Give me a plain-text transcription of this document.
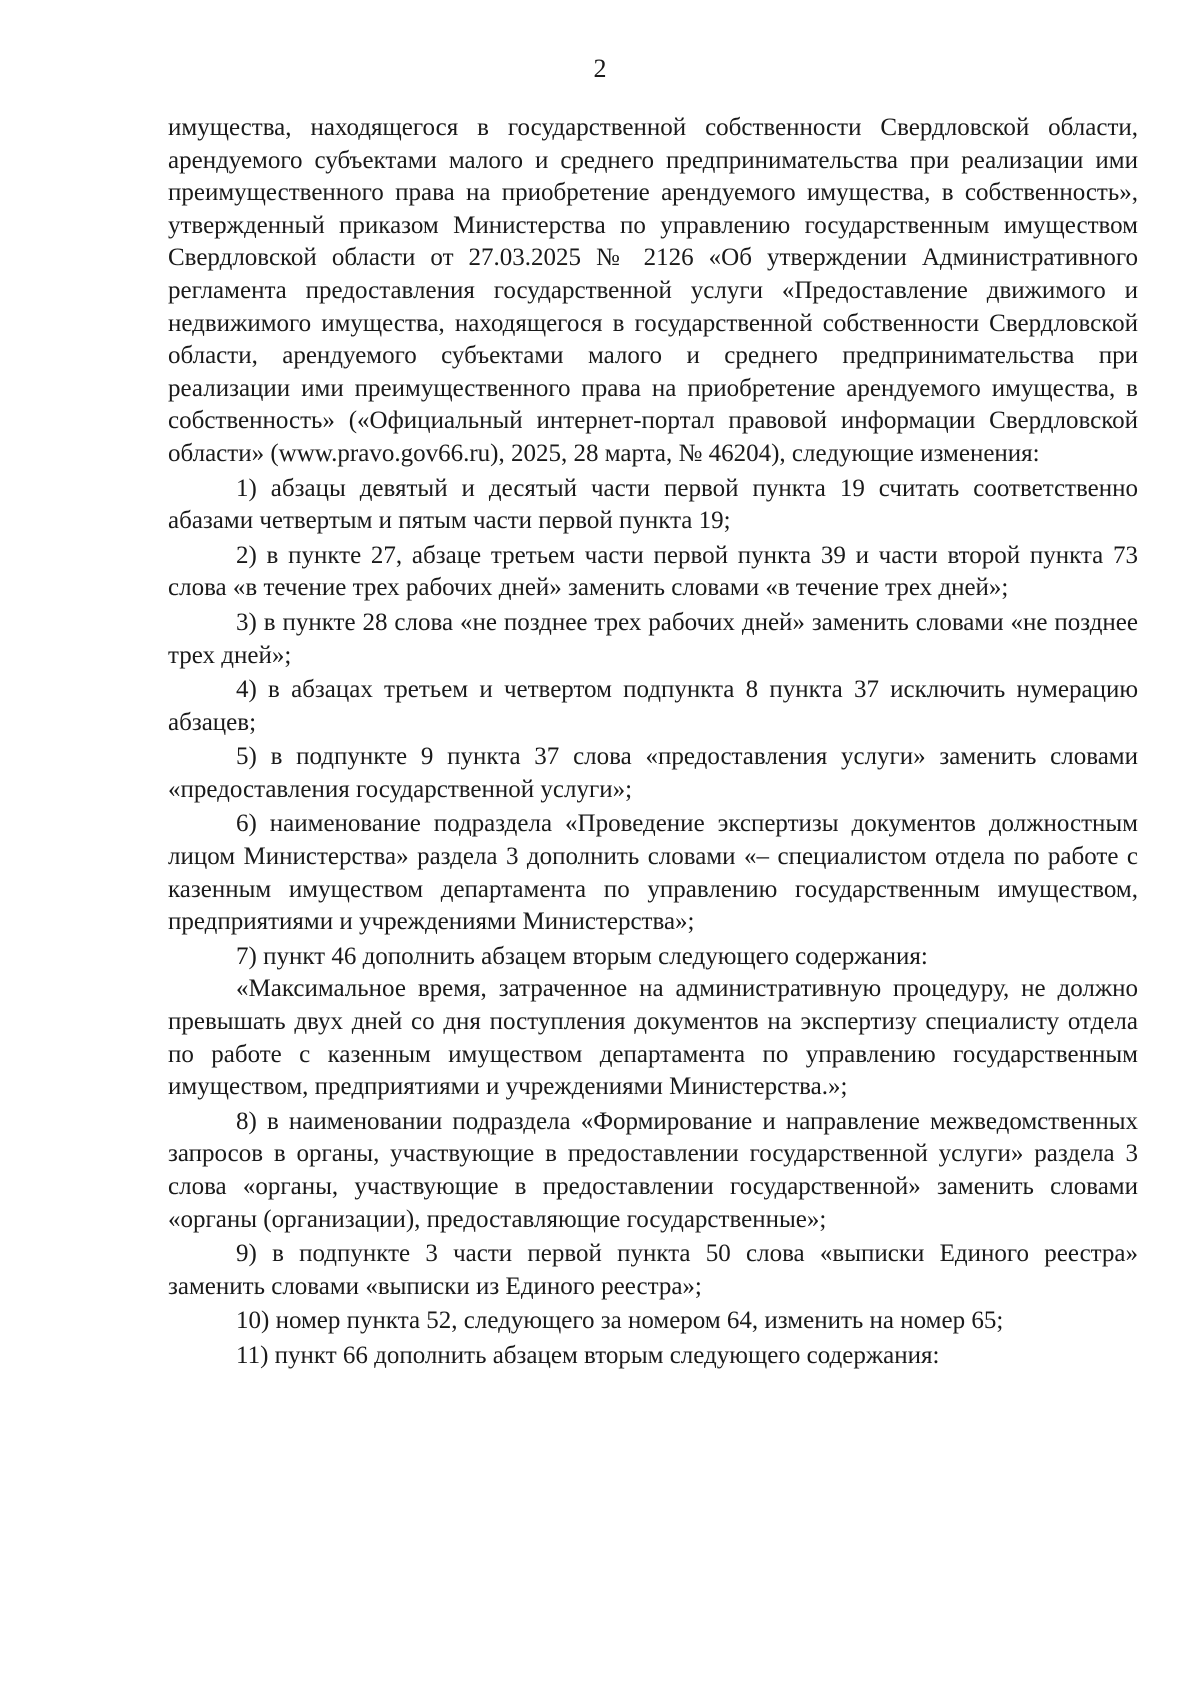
2

имущества, находящегося в государственной собственности Свердловской области, арендуемого субъектами малого и среднего предпринимательства при реализации ими преимущественного права на приобретение арендуемого имущества, в собственность», утвержденный приказом Министерства по управлению государственным имуществом Свердловской области от 27.03.2025 № 2126 «Об утверждении Административного регламента предоставления государственной услуги «Предоставление движимого и недвижимого имущества, находящегося в государственной собственности Свердловской области, арендуемого субъектами малого и среднего предпринимательства при реализации ими преимущественного права на приобретение арендуемого имущества, в собственность» («Официальный интернет-портал правовой информации Свердловской области» (www.pravo.gov66.ru), 2025, 28 марта, № 46204), следующие изменения:

1) абзацы девятый и десятый части первой пункта 19 считать соответственно абазами четвертым и пятым части первой пункта 19;

2) в пункте 27, абзаце третьем части первой пункта 39 и части второй пункта 73 слова «в течение трех рабочих дней» заменить словами «в течение трех дней»;

3) в пункте 28 слова «не позднее трех рабочих дней» заменить словами «не позднее трех дней»;

4) в абзацах третьем и четвертом подпункта 8 пункта 37 исключить нумерацию абзацев;

5) в подпункте 9 пункта 37 слова «предоставления услуги» заменить словами «предоставления государственной услуги»;

6) наименование подраздела «Проведение экспертизы документов должностным лицом Министерства» раздела 3 дополнить словами «– специалистом отдела по работе с казенным имуществом департамента по управлению государственным имуществом, предприятиями и учреждениями Министерства»;

7) пункт 46 дополнить абзацем вторым следующего содержания:

«Максимальное время, затраченное на административную процедуру, не должно превышать двух дней со дня поступления документов на экспертизу специалисту отдела по работе с казенным имуществом департамента по управлению государственным имуществом, предприятиями и учреждениями Министерства.»;

8) в наименовании подраздела «Формирование и направление межведомственных запросов в органы, участвующие в предоставлении государственной услуги» раздела 3 слова «органы, участвующие в предоставлении государственной» заменить словами «органы (организации), предоставляющие государственные»;

9) в подпункте 3 части первой пункта 50 слова «выписки Единого реестра» заменить словами «выписки из Единого реестра»;

10) номер пункта 52, следующего за номером 64, изменить на номер 65;

11) пункт 66 дополнить абзацем вторым следующего содержания:
